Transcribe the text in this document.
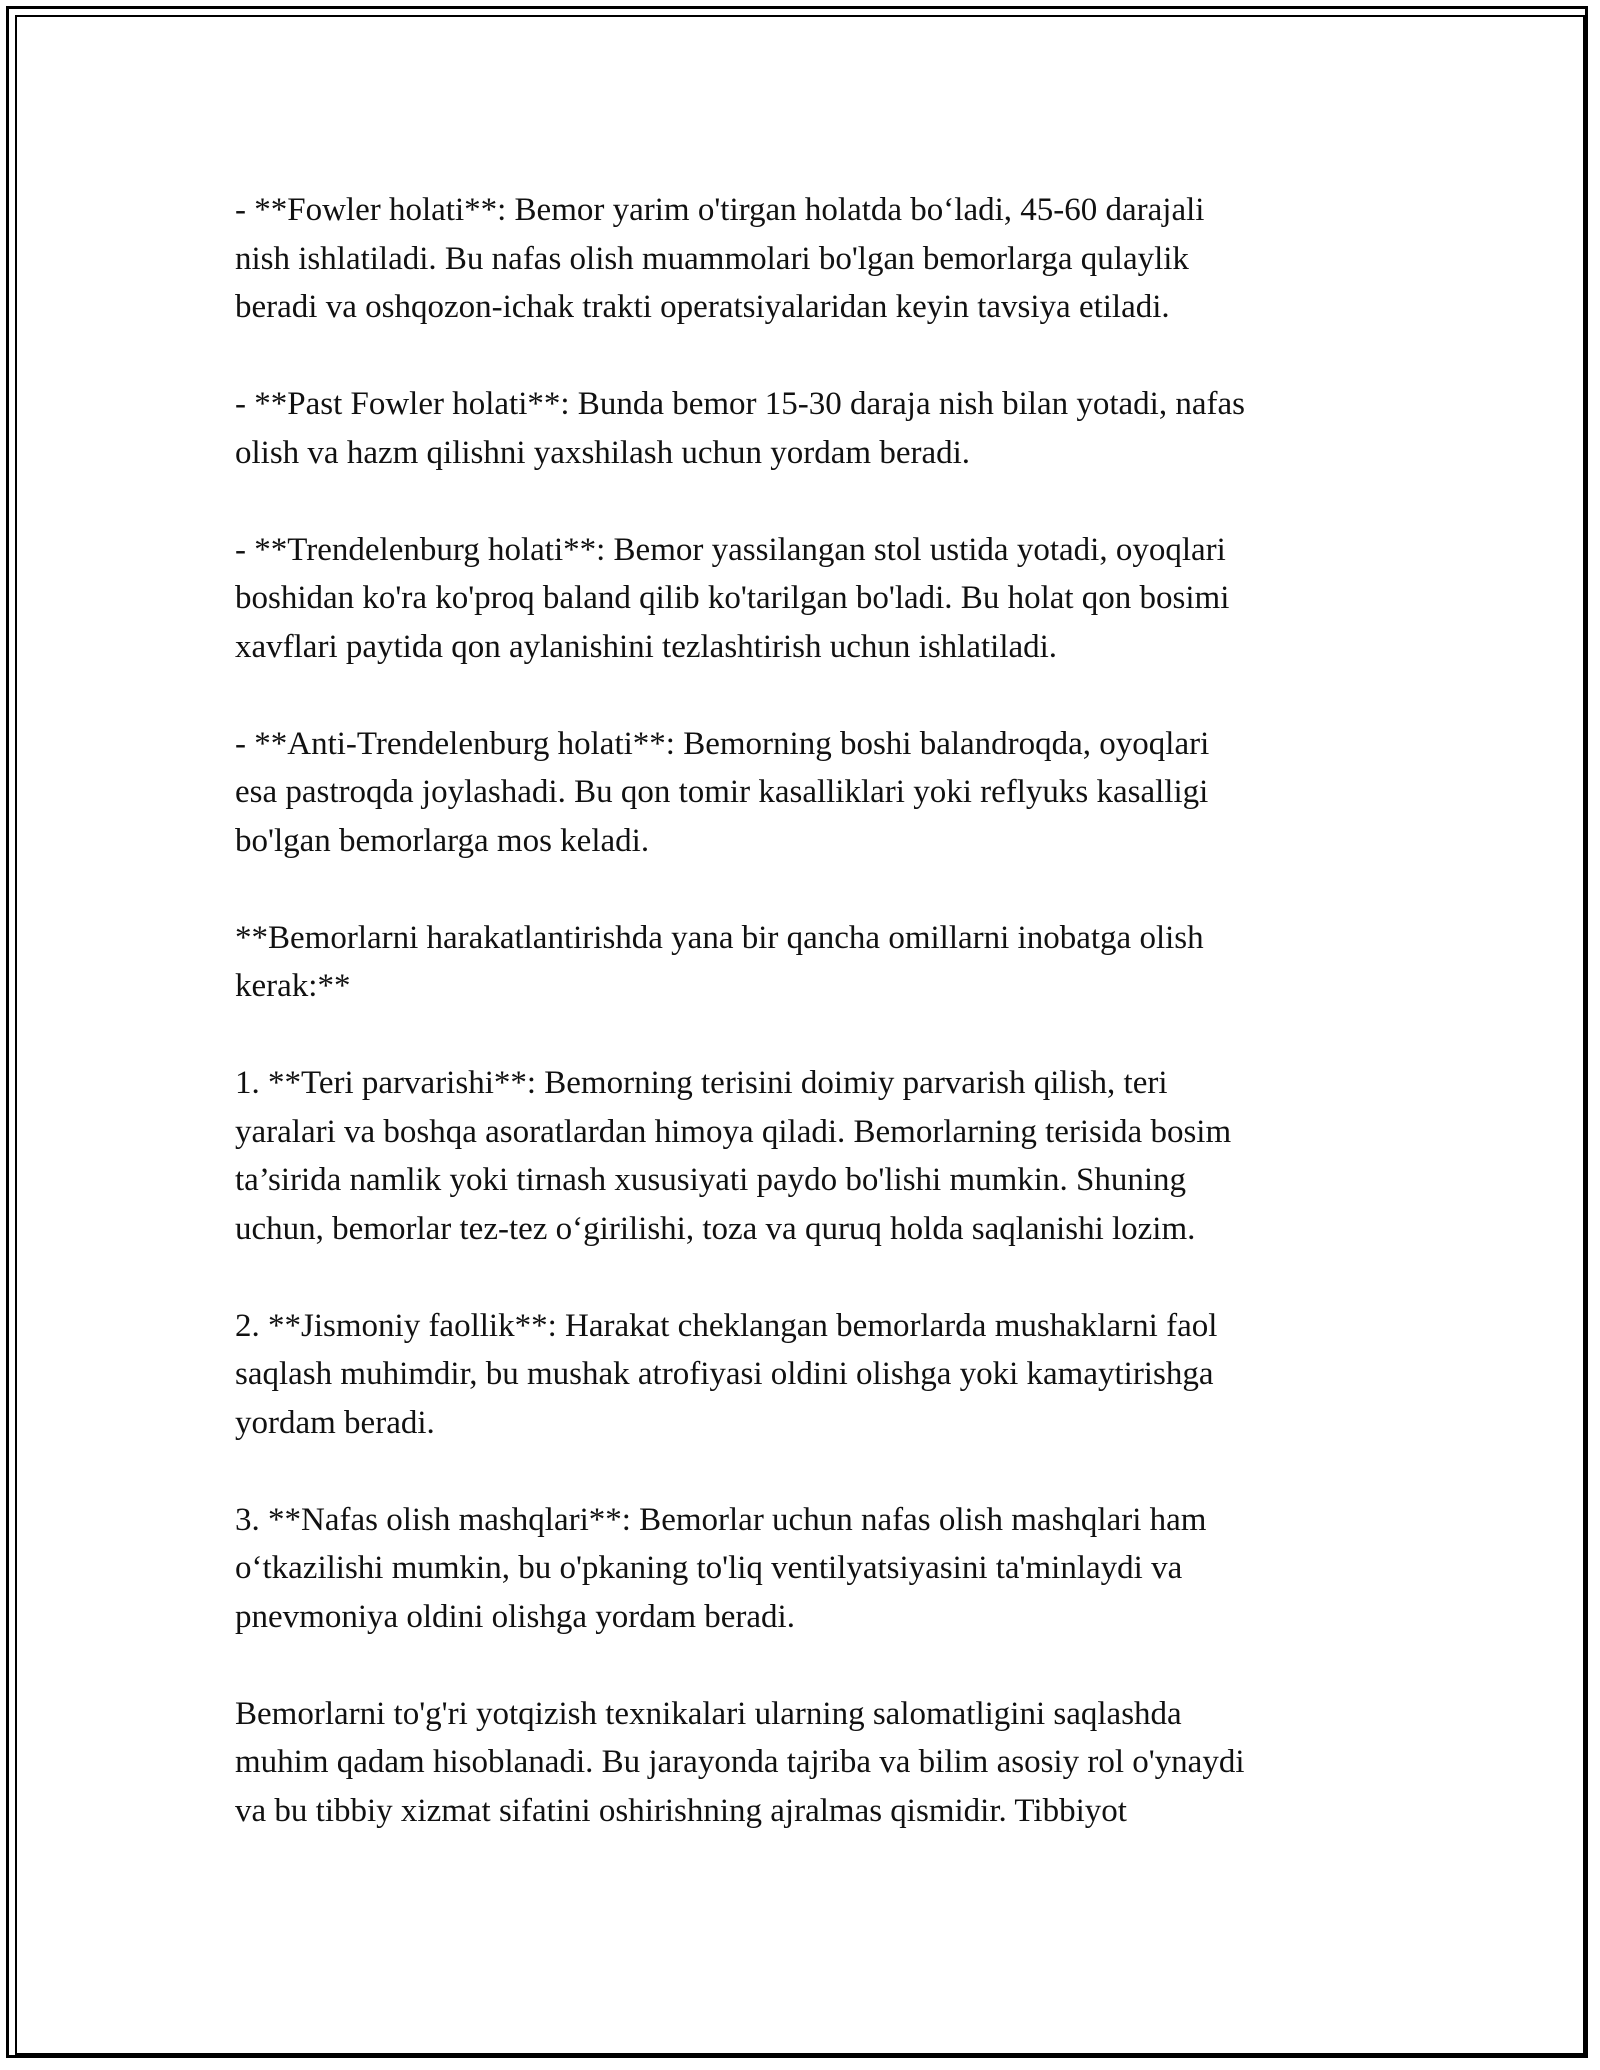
- **Fowler holati**: Bemor yarim o'tirgan holatda bo‘ladi, 45-60 darajali
nish ishlatiladi. Bu nafas olish muammolari bo'lgan bemorlarga qulaylik
beradi va oshqozon-ichak trakti operatsiyalaridan keyin tavsiya etiladi.

- **Past Fowler holati**: Bunda bemor 15-30 daraja nish bilan yotadi, nafas
olish va hazm qilishni yaxshilash uchun yordam beradi.

- **Trendelenburg holati**: Bemor yassilangan stol ustida yotadi, oyoqlari
boshidan ko'ra ko'proq baland qilib ko'tarilgan bo'ladi. Bu holat qon bosimi
xavflari paytida qon aylanishini tezlashtirish uchun ishlatiladi.

- **Anti-Trendelenburg holati**: Bemorning boshi balandroqda, oyoqlari
esa pastroqda joylashadi. Bu qon tomir kasalliklari yoki reflyuks kasalligi
bo'lgan bemorlarga mos keladi.

**Bemorlarni harakatlantirishda yana bir qancha omillarni inobatga olish
kerak:**

1. **Teri parvarishi**: Bemorning terisini doimiy parvarish qilish, teri
yaralari va boshqa asoratlardan himoya qiladi. Bemorlarning terisida bosim
ta’sirida namlik yoki tirnash xususiyati paydo bo'lishi mumkin. Shuning
uchun, bemorlar tez-tez o‘girilishi, toza va quruq holda saqlanishi lozim.

2. **Jismoniy faollik**: Harakat cheklangan bemorlarda mushaklarni faol
saqlash muhimdir, bu mushak atrofiyasi oldini olishga yoki kamaytirishga
yordam beradi.

3. **Nafas olish mashqlari**: Bemorlar uchun nafas olish mashqlari ham
o‘tkazilishi mumkin, bu o'pkaning to'liq ventilyatsiyasini ta'minlaydi va
pnevmoniya oldini olishga yordam beradi.

Bemorlarni to'g'ri yotqizish texnikalari ularning salomatligini saqlashda
muhim qadam hisoblanadi. Bu jarayonda tajriba va bilim asosiy rol o'ynaydi
va bu tibbiy xizmat sifatini oshirishning ajralmas qismidir. Tibbiyot
